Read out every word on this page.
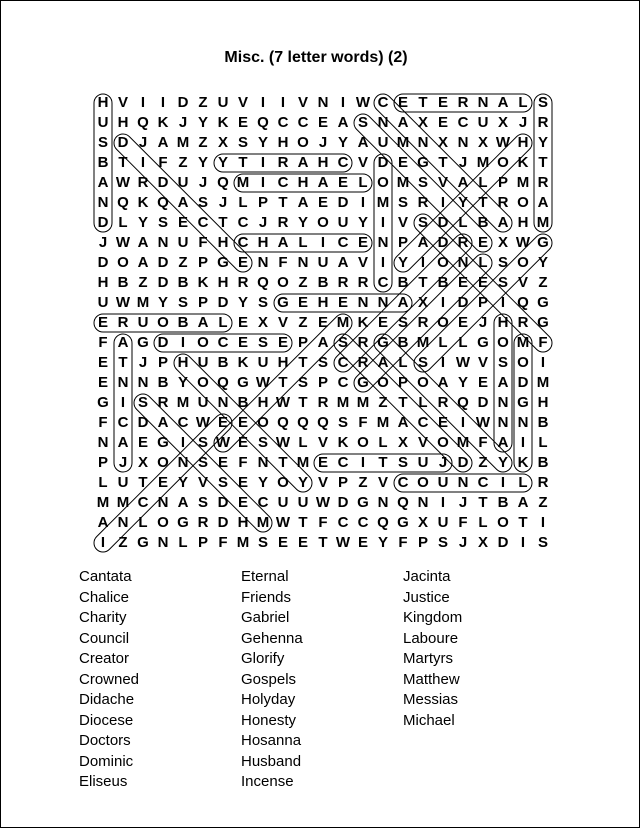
Misc. (7 letter words) (2)
H V I	I D Z U V I	I V N I W C E T E R N A L S
U H Q K J Y K E Q C C E A S N A X E C U X J R
S D J A M Z X S Y H O J Y A U M N X N X W H Y
B T I F Z Y Y T I R A H C V D E G T J M O K T
A W R D U J Q M I C H A E L O M S V A L P M R
N Q K Q A S J L P T A E D I M S R I Y T R O A
D L Y S E C T C J R Y O U Y I V S D L B A H M
J W A N U F H C H A L I C E N P A D R E X W G
D O A D Z P G E N F N U A V I Y I O N L S O Y
H B Z D B K H R Q O Z B R R C B T B E E S V Z
U W M Y S P D Y S G E H E N N A X I D P I Q G
E R U O B A L E X V Z E M K E S R O E J H R G
F A G D I O C E S E P A S R G B M L L G O M F
E T J P H U B K U H T S C R A L S I W V S O I
E N N B Y O Q G W T S P C G O P O A Y E A D M
G I S R M U N B H W T R M M Z T L R Q D N G H
F C D A C W E E O Q Q Q S F M A C E I W N N B
N A E G I S W E S W L V K O L X V O M F A I L
P J X O N S E F N T M E C I T S U J D Z Y K B
L U T E Y V S E Y O Y V P Z V C O U N C I L R
M M C N A S D E C U U W D G N Q N I J T B A Z
A N L O G R D H M W T F C C Q G X U F L O T I
I Z G N L P F M S E E T W E Y F P S J X D I S
Cantata
Chalice
Charity
Council
Creator
Crowned
Didache
Diocese
Doctors
Dominic
Eliseus
Eternal
Friends
Gabriel
Gehenna
Glorify
Gospels
Holyday
Honesty
Hosanna
Husband
Incense
Jacinta
Justice
Kingdom
Laboure
Martyrs
Matthew
Messias
Michael
